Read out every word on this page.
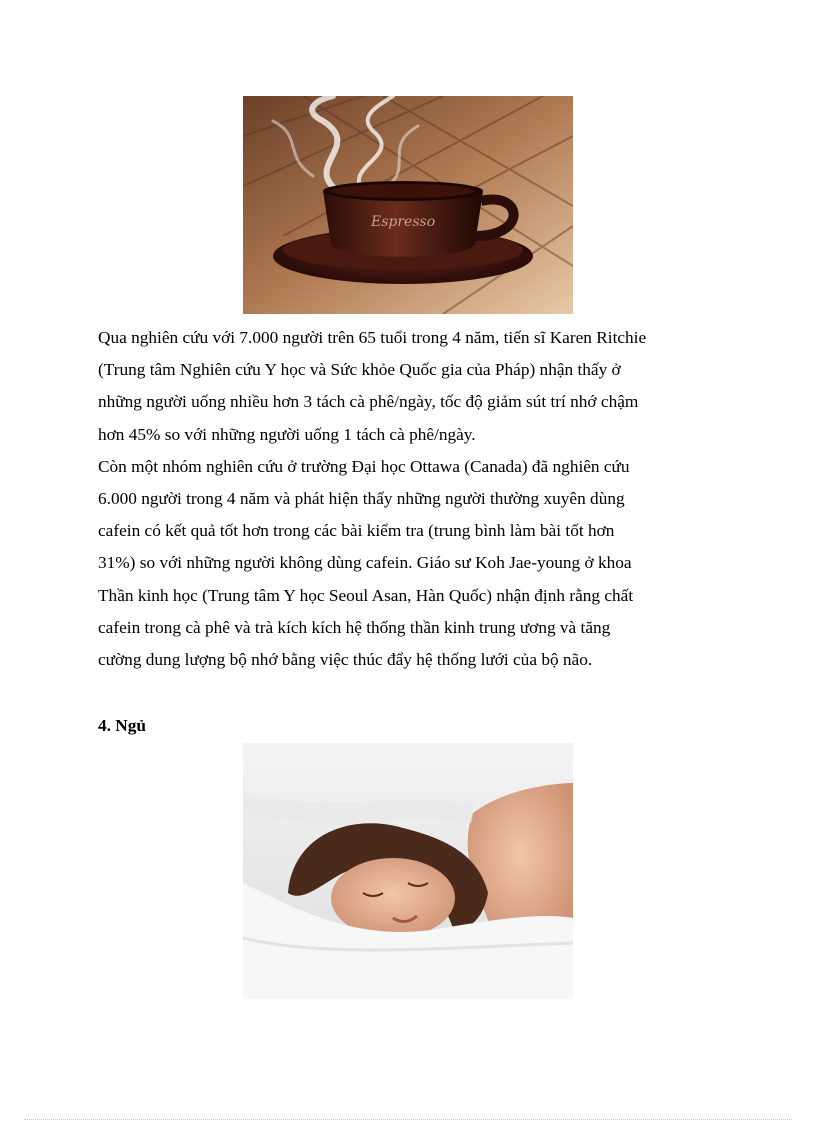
Espresso

Qua nghiên cứu với 7.000 người trên 65 tuổi trong 4 năm, tiến sĩ Karen Ritchie
(Trung tâm Nghiên cứu Y học và Sức khỏe Quốc gia của Pháp) nhận thấy ở
những người uống nhiều hơn 3 tách cà phê/ngày, tốc độ giảm sút trí nhớ chậm
hơn 45% so với những người uống 1 tách cà phê/ngày.

Còn một nhóm nghiên cứu ở trường Đại học Ottawa (Canada) đã nghiên cứu
6.000 người trong 4 năm và phát hiện thấy những người thường xuyên dùng
cafein có kết quả tốt hơn trong các bài kiểm tra (trung bình làm bài tốt hơn
31%) so với những người không dùng cafein. Giáo sư Koh Jae-young ở khoa
Thần kinh học (Trung tâm Y học Seoul Asan, Hàn Quốc) nhận định rằng chất
cafein trong cà phê và trà kích kích hệ thống thần kinh trung ương và tăng
cường dung lượng bộ nhớ bằng việc thúc đẩy hệ thống lưới của bộ não.

4. Ngủ
